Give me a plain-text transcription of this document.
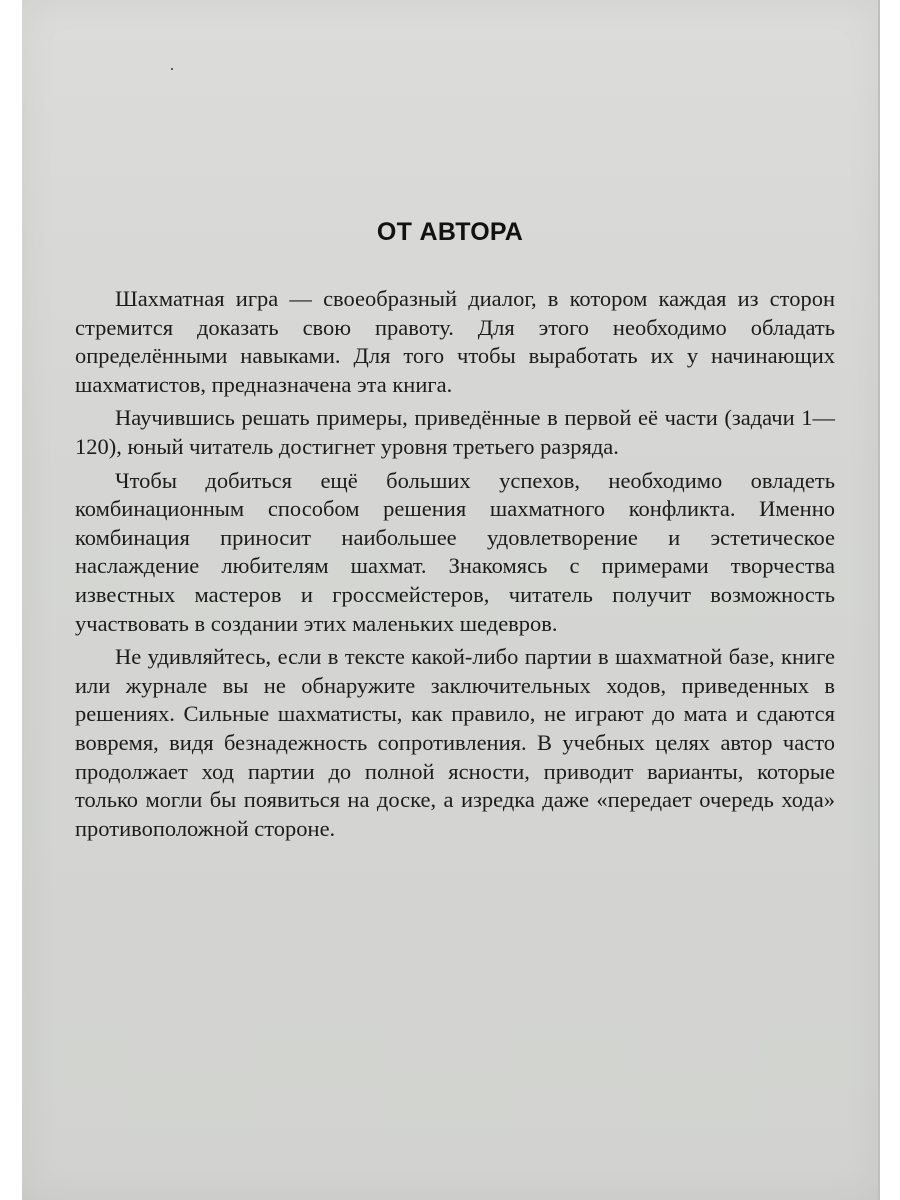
ОТ АВТОРА

Шахматная игра — своеобразный диалог, в котором каждая из сторон стремится доказать свою правоту. Для этого необходимо обладать определёнными навыками. Для того чтобы выработать их у начинающих шахматистов, предназначена эта книга.

Научившись решать примеры, приведённые в первой её части (задачи 1— 120), юный читатель достигнет уровня третьего разряда.

Чтобы добиться ещё больших успехов, необходимо овладеть комбинационным способом решения шахматного конфликта. Именно комбинация приносит наибольшее удовлетворение и эстетическое наслаждение любителям шахмат. Знакомясь с примерами творчества известных мастеров и гроссмейстеров, читатель получит возможность участвовать в создании этих маленьких шедевров.

Не удивляйтесь, если в тексте какой-либо партии в шахматной базе, книге или журнале вы не обнаружите заключительных ходов, приведенных в решениях. Сильные шахматисты, как правило, не играют до мата и сдаются вовремя, видя безнадежность сопротивления. В учебных целях автор часто продолжает ход партии до полной ясности, приводит варианты, которые только могли бы появиться на доске, а изредка даже «передает очередь хода» противоположной стороне.
